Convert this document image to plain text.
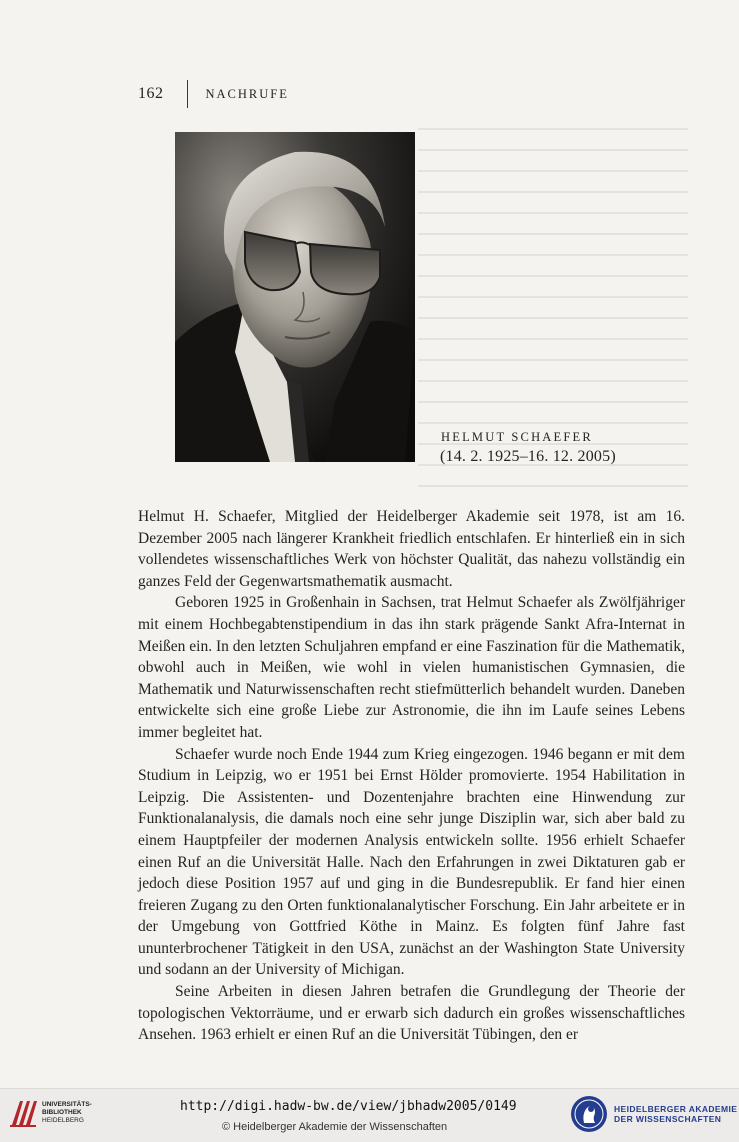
162	NACHRUFE
HELMUT SCHAEFER
(14. 2. 1925–16. 12. 2005)

Helmut H. Schaefer, Mitglied der Heidelberger Akademie seit 1978, ist am 16. Dezember 2005 nach längerer Krankheit friedlich entschlafen. Er hinterließ ein in sich vollendetes wissenschaftliches Werk von höchster Qualität, das nahezu vollständig ein ganzes Feld der Gegenwartsmathematik ausmacht.

Geboren 1925 in Großenhain in Sachsen, trat Helmut Schaefer als Zwölfjähriger mit einem Hochbegabtenstipendium in das ihn stark prägende Sankt Afra-Internat in Meißen ein. In den letzten Schuljahren empfand er eine Faszination für die Mathematik, obwohl auch in Meißen, wie wohl in vielen humanistischen Gymnasien, die Mathematik und Naturwissenschaften recht stiefmütterlich behandelt wurden. Daneben entwickelte sich eine große Liebe zur Astronomie, die ihn im Laufe seines Lebens immer begleitet hat.

Schaefer wurde noch Ende 1944 zum Krieg eingezogen. 1946 begann er mit dem Studium in Leipzig, wo er 1951 bei Ernst Hölder promovierte. 1954 Habilitation in Leipzig. Die Assistenten- und Dozentenjahre brachten eine Hinwendung zur Funktionalanalysis, die damals noch eine sehr junge Disziplin war, sich aber bald zu einem Hauptpfeiler der modernen Analysis entwickeln sollte. 1956 erhielt Schaefer einen Ruf an die Universität Halle. Nach den Erfahrungen in zwei Diktaturen gab er jedoch diese Position 1957 auf und ging in die Bundesrepublik. Er fand hier einen freieren Zugang zu den Orten funktionalanalytischer Forschung. Ein Jahr arbeitete er in der Umgebung von Gottfried Köthe in Mainz. Es folgten fünf Jahre fast ununterbrochener Tätigkeit in den USA, zunächst an der Washington State University und sodann an der University of Michigan.

Seine Arbeiten in diesen Jahren betrafen die Grundlegung der Theorie der topologischen Vektorräume, und er erwarb sich dadurch ein großes wissenschaftliches Ansehen. 1963 erhielt er einen Ruf an die Universität Tübingen, den er

UNIVERSITÄTS-
BIBLIOTHEK
HEIDELBERG
http://digi.hadw-bw.de/view/jbhadw2005/0149
© Heidelberger Akademie der Wissenschaften
HEIDELBERGER AKADEMIE
DER WISSENSCHAFTEN
